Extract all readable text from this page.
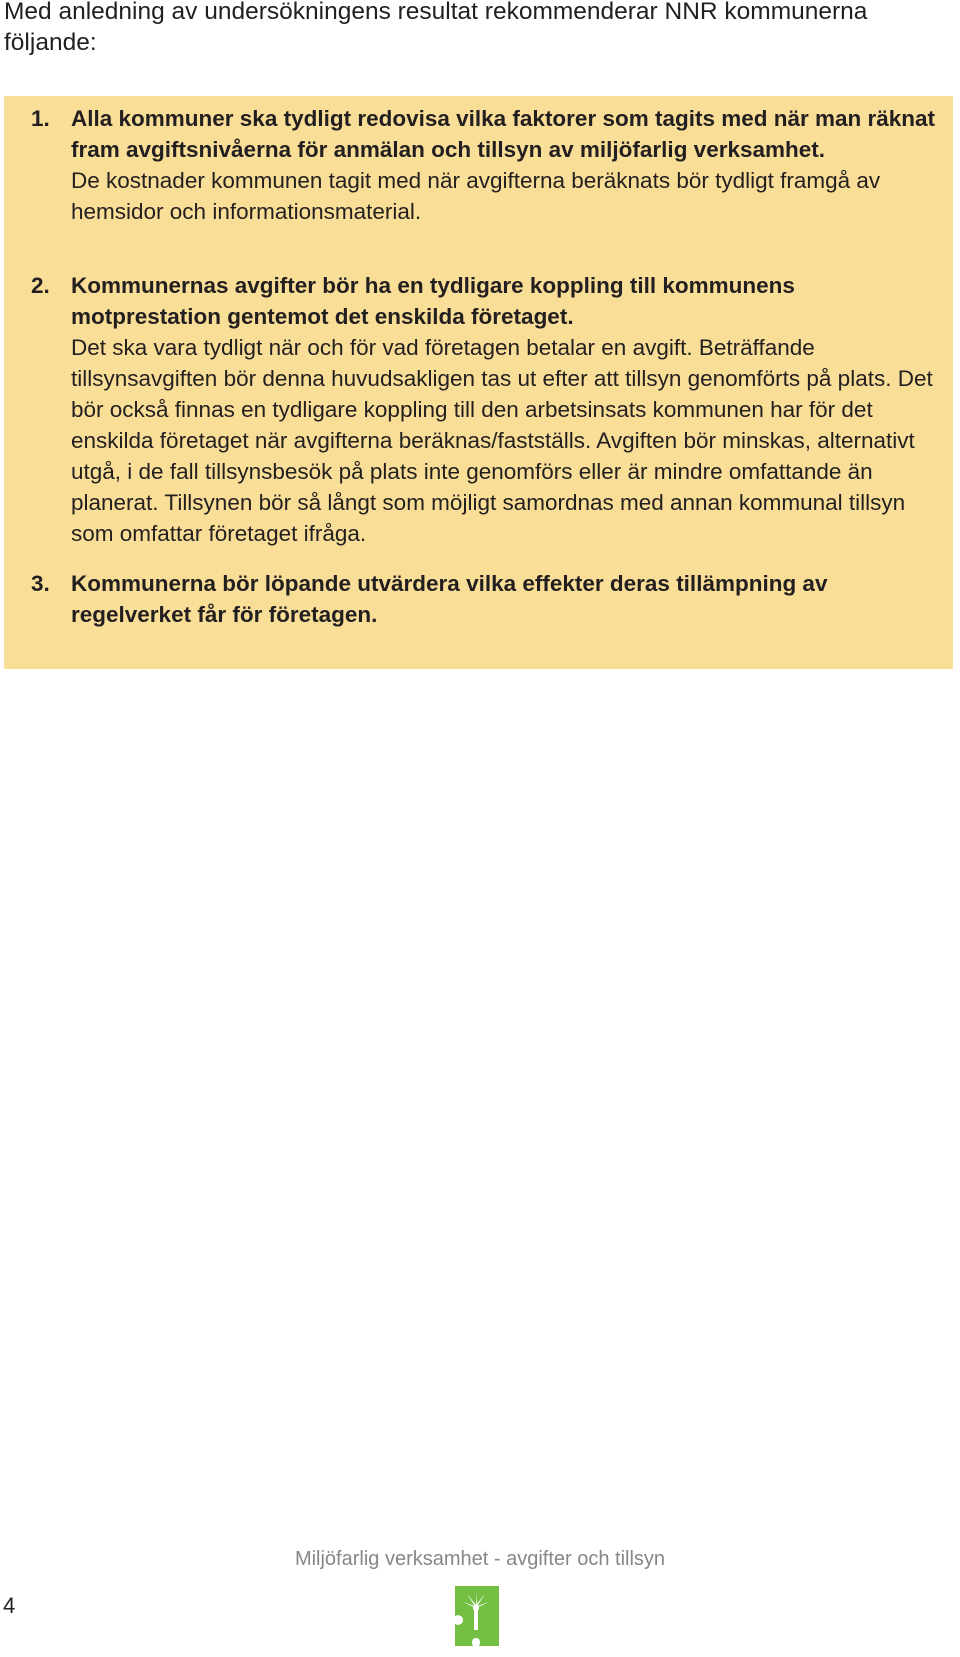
Med anledning av undersökningens resultat rekommenderar NNR kommunerna följande:

1. Alla kommuner ska tydligt redovisa vilka faktorer som tagits med när man räknat fram avgiftsnivåerna för anmälan och tillsyn av miljöfarlig verksamhet.
De kostnader kommunen tagit med när avgifterna beräknats bör tydligt framgå av hemsidor och informationsmaterial.
2. Kommunernas avgifter bör ha en tydligare koppling till kommunens motprestation gentemot det enskilda företaget.
Det ska vara tydligt när och för vad företagen betalar en avgift. Beträffande tillsynsavgiften bör denna huvudsakligen tas ut efter att tillsyn genomförts på plats. Det bör också finnas en tydligare koppling till den arbetsinsats kommunen har för det enskilda företaget när avgifterna beräknas/fastställs. Avgiften bör minskas, alternativt utgå, i de fall tillsynsbesök på plats inte genomförs eller är mindre omfattande än planerat. Tillsynen bör så långt som möjligt samordnas med annan kommunal tillsyn som omfattar företaget ifråga.
3. Kommunerna bör löpande utvärdera vilka effekter deras tillämpning av regelverket får för företagen.
Miljöfarlig verksamhet - avgifter och tillsyn
4
